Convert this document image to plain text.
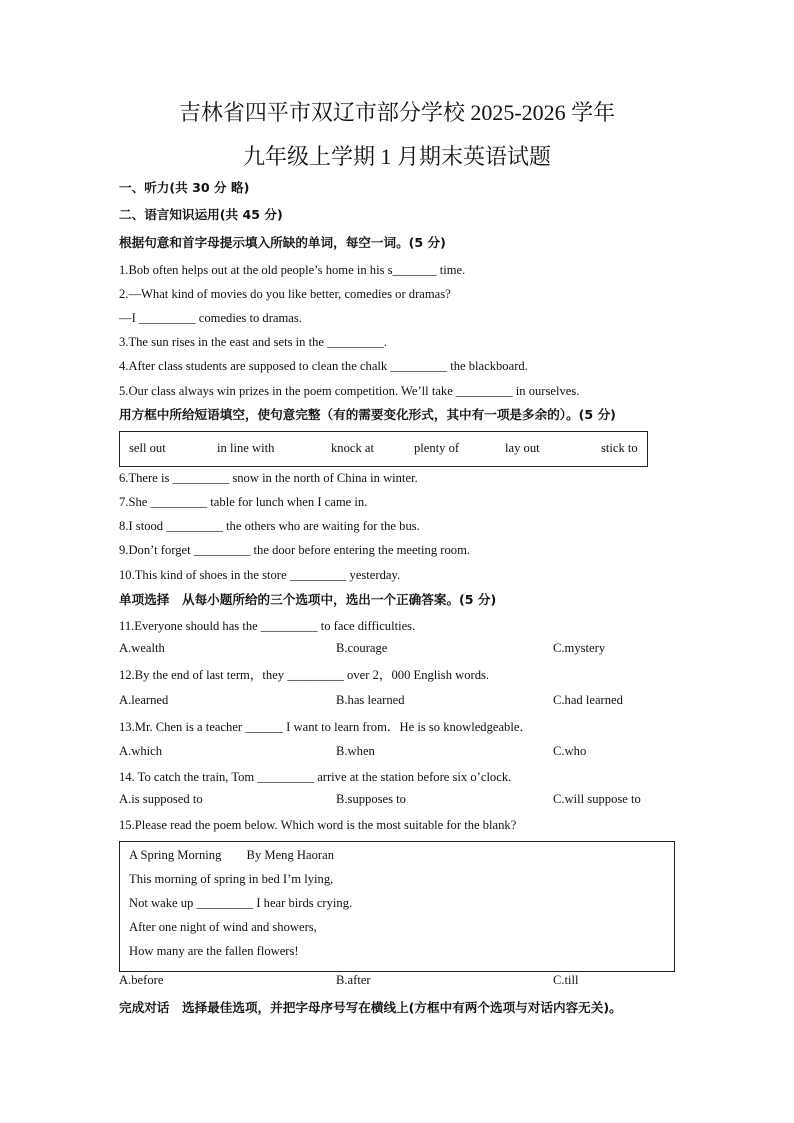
吉林省四平市双辽市部分学校 2025-2026 学年
九年级上学期 1 月期末英语试题
一、听力(共 30 分 略)
二、语言知识运用(共 45 分)
根据句意和首字母提示填入所缺的单词，每空一词。(5 分)
1.Bob often helps out at the old people’s home in his s_______ time.
2.—What kind of movies do you like better, comedies or dramas?
—I _________ comedies to dramas.
3.The sun rises in the east and sets in the _________.
4.After class students are supposed to clean the chalk _________ the blackboard.
5.Our class always win prizes in the poem competition. We’ll take _________ in ourselves.
用方框中所给短语填空，使句意完整（有的需要变化形式，其中有一项是多余的）。(5 分)
sell out	in line with	knock at	plenty of	lay out	stick to
6.There is _________ snow in the north of China in winter.
7.She _________ table for lunch when I came in.
8.I stood _________ the others who are waiting for the bus.
9.Don’t forget _________ the door before entering the meeting room.
10.This kind of shoes in the store _________ yesterday.
单项选择　从每小题所给的三个选项中，选出一个正确答案。(5 分)
11.Everyone should has the _________ to face difficulties.
A.wealth	B.courage	C.mystery
12.By the end of last term，they _________ over 2，000 English words.
A.learned	B.has learned	C.had learned
13.Mr. Chen is a teacher ______ I want to learn from．He is so knowledgeable．
A.which	B.when	C.who
14. To catch the train, Tom _________ arrive at the station before six o’clock.
A.is supposed to	B.supposes to	C.will suppose to
15.Please read the poem below. Which word is the most suitable for the blank?
A Spring Morning        By Meng Haoran
This morning of spring in bed I’m lying,
Not wake up _________ I hear birds crying.
After one night of wind and showers,
How many are the fallen flowers!
A.before	B.after	C.till
完成对话　选择最佳选项，并把字母序号写在横线上(方框中有两个选项与对话内容无关)。
